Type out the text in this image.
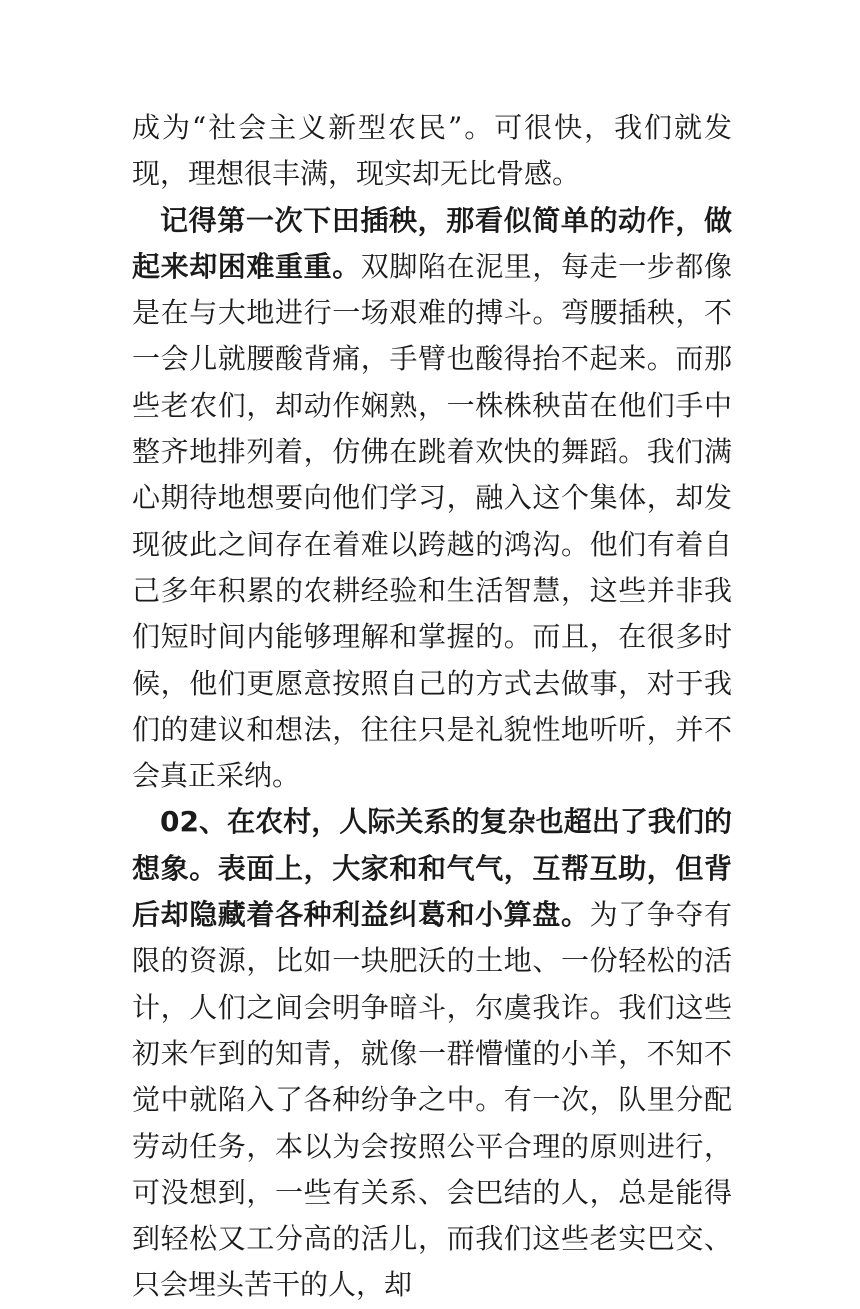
成为“社会主义新型农民”。可很快，我们就发现，理想很丰满，现实却无比骨感。

记得第一次下田插秧，那看似简单的动作，做起来却困难重重。双脚陷在泥里，每走一步都像是在与大地进行一场艰难的搏斗。弯腰插秧，不一会儿就腰酸背痛，手臂也酸得抬不起来。而那些老农们，却动作娴熟，一株株秧苗在他们手中整齐地排列着，仿佛在跳着欢快的舞蹈。我们满心期待地想要向他们学习，融入这个集体，却发现彼此之间存在着难以跨越的鸿沟。他们有着自己多年积累的农耕经验和生活智慧，这些并非我们短时间内能够理解和掌握的。而且，在很多时候，他们更愿意按照自己的方式去做事，对于我们的建议和想法，往往只是礼貌性地听听，并不会真正采纳。

02、在农村，人际关系的复杂也超出了我们的想象。表面上，大家和和气气，互帮互助，但背后却隐藏着各种利益纠葛和小算盘。为了争夺有限的资源，比如一块肥沃的土地、一份轻松的活计，人们之间会明争暗斗，尔虞我诈。我们这些初来乍到的知青，就像一群懵懂的小羊，不知不觉中就陷入了各种纷争之中。有一次，队里分配劳动任务，本以为会按照公平合理的原则进行，可没想到，一些有关系、会巴结的人，总是能得到轻松又工分高的活儿，而我们这些老实巴交、只会埋头苦干的人，却
